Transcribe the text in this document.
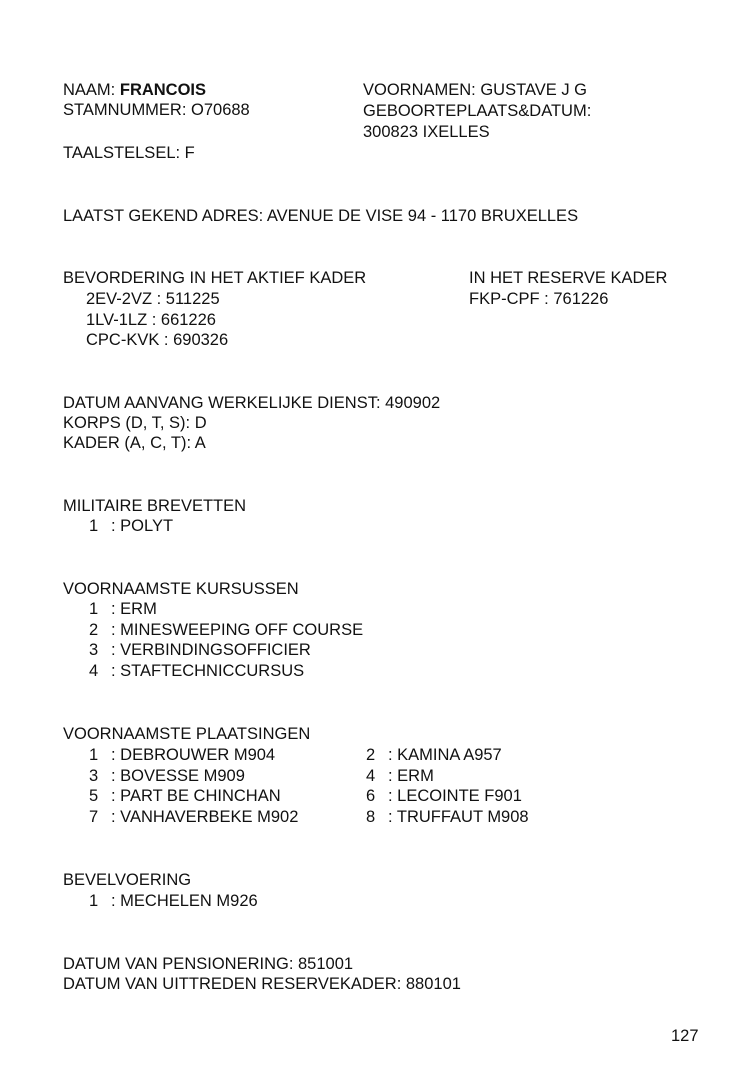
NAAM: FRANCOIS
STAMNUMMER: O70688
TAALSTELSEL: F
VOORNAMEN: GUSTAVE J G
GEBOORTEPLAATS&DATUM:
300823 IXELLES
LAATST GEKEND ADRES: AVENUE DE VISE 94 - 1170 BRUXELLES
BEVORDERING IN HET AKTIEF KADER
2EV-2VZ : 511225
1LV-1LZ : 661226
CPC-KVK : 690326
IN HET RESERVE KADER
FKP-CPF : 761226
DATUM AANVANG WERKELIJKE DIENST: 490902
KORPS (D, T, S): D
KADER (A, C, T): A
MILITAIRE BREVETTEN
1 : POLYT
VOORNAAMSTE KURSUSSEN
1 : ERM
2 : MINESWEEPING OFF COURSE
3 : VERBINDINGSOFFICIER
4 : STAFTECHNICCURSUS
VOORNAAMSTE PLAATSINGEN
1 : DEBROUWER M904
3 : BOVESSE M909
5 : PART BE CHINCHAN
7 : VANHAVERBEKE M902
2 : KAMINA A957
4 : ERM
6 : LECOINTE F901
8 : TRUFFAUT M908
BEVELVOERING
1 : MECHELEN M926
DATUM VAN PENSIONERING: 851001
DATUM VAN UITTREDEN RESERVEKADER: 880101
127
